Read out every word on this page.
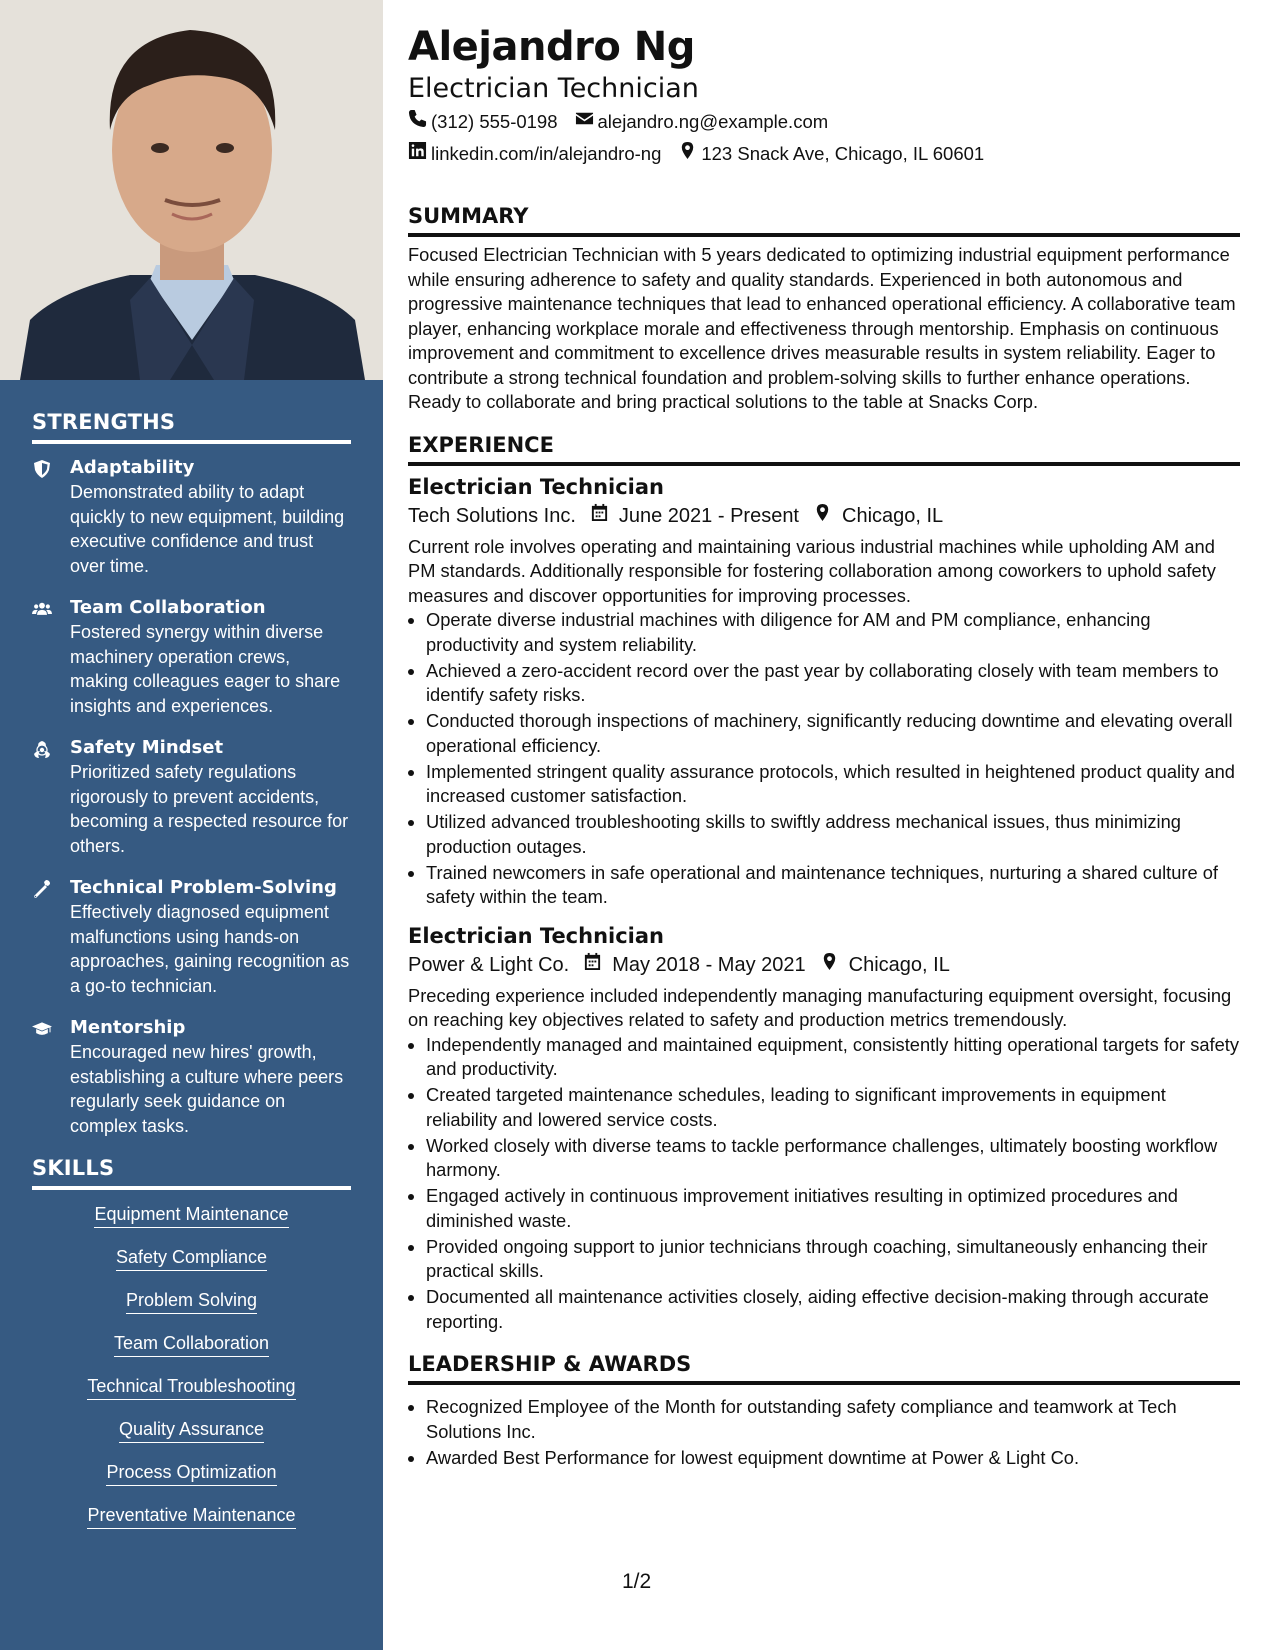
STRENGTHS
Adaptability
Demonstrated ability to adapt quickly to new equipment, building executive confidence and trust over time.
Team Collaboration
Fostered synergy within diverse machinery operation crews, making colleagues eager to share insights and experiences.
Safety Mindset
Prioritized safety regulations rigorously to prevent accidents, becoming a respected resource for others.
Technical Problem-Solving
Effectively diagnosed equipment malfunctions using hands-on approaches, gaining recognition as a go-to technician.
Mentorship
Encouraged new hires' growth, establishing a culture where peers regularly seek guidance on complex tasks.
SKILLS
Equipment Maintenance
Safety Compliance
Problem Solving
Team Collaboration
Technical Troubleshooting
Quality Assurance
Process Optimization
Preventative Maintenance
Alejandro Ng
Electrician Technician
(312) 555-0198 alejandro.ng@example.com
linkedin.com/in/alejandro-ng 123 Snack Ave, Chicago, IL 60601
SUMMARY

Focused Electrician Technician with 5 years dedicated to optimizing industrial equipment performance while ensuring adherence to safety and quality standards. Experienced in both autonomous and progressive maintenance techniques that lead to enhanced operational efficiency. A collaborative team player, enhancing workplace morale and effectiveness through mentorship. Emphasis on continuous improvement and commitment to excellence drives measurable results in system reliability. Eager to contribute a strong technical foundation and problem-solving skills to further enhance operations. Ready to collaborate and bring practical solutions to the table at Snacks Corp.

EXPERIENCE
Electrician Technician
Tech Solutions Inc. June 2021 - Present Chicago, IL

Current role involves operating and maintaining various industrial machines while upholding AM and PM standards. Additionally responsible for fostering collaboration among coworkers to uphold safety measures and discover opportunities for improving processes.

• Operate diverse industrial machines with diligence for AM and PM compliance, enhancing productivity and system reliability.
• Achieved a zero-accident record over the past year by collaborating closely with team members to identify safety risks.
• Conducted thorough inspections of machinery, significantly reducing downtime and elevating overall operational efficiency.
• Implemented stringent quality assurance protocols, which resulted in heightened product quality and increased customer satisfaction.
• Utilized advanced troubleshooting skills to swiftly address mechanical issues, thus minimizing production outages.
• Trained newcomers in safe operational and maintenance techniques, nurturing a shared culture of safety within the team.
Electrician Technician
Power & Light Co. May 2018 - May 2021 Chicago, IL

Preceding experience included independently managing manufacturing equipment oversight, focusing on reaching key objectives related to safety and production metrics tremendously.

• Independently managed and maintained equipment, consistently hitting operational targets for safety and productivity.
• Created targeted maintenance schedules, leading to significant improvements in equipment reliability and lowered service costs.
• Worked closely with diverse teams to tackle performance challenges, ultimately boosting workflow harmony.
• Engaged actively in continuous improvement initiatives resulting in optimized procedures and diminished waste.
• Provided ongoing support to junior technicians through coaching, simultaneously enhancing their practical skills.
• Documented all maintenance activities closely, aiding effective decision-making through accurate reporting.
LEADERSHIP & AWARDS
• Recognized Employee of the Month for outstanding safety compliance and teamwork at Tech Solutions Inc.
• Awarded Best Performance for lowest equipment downtime at Power & Light Co.
1/2
